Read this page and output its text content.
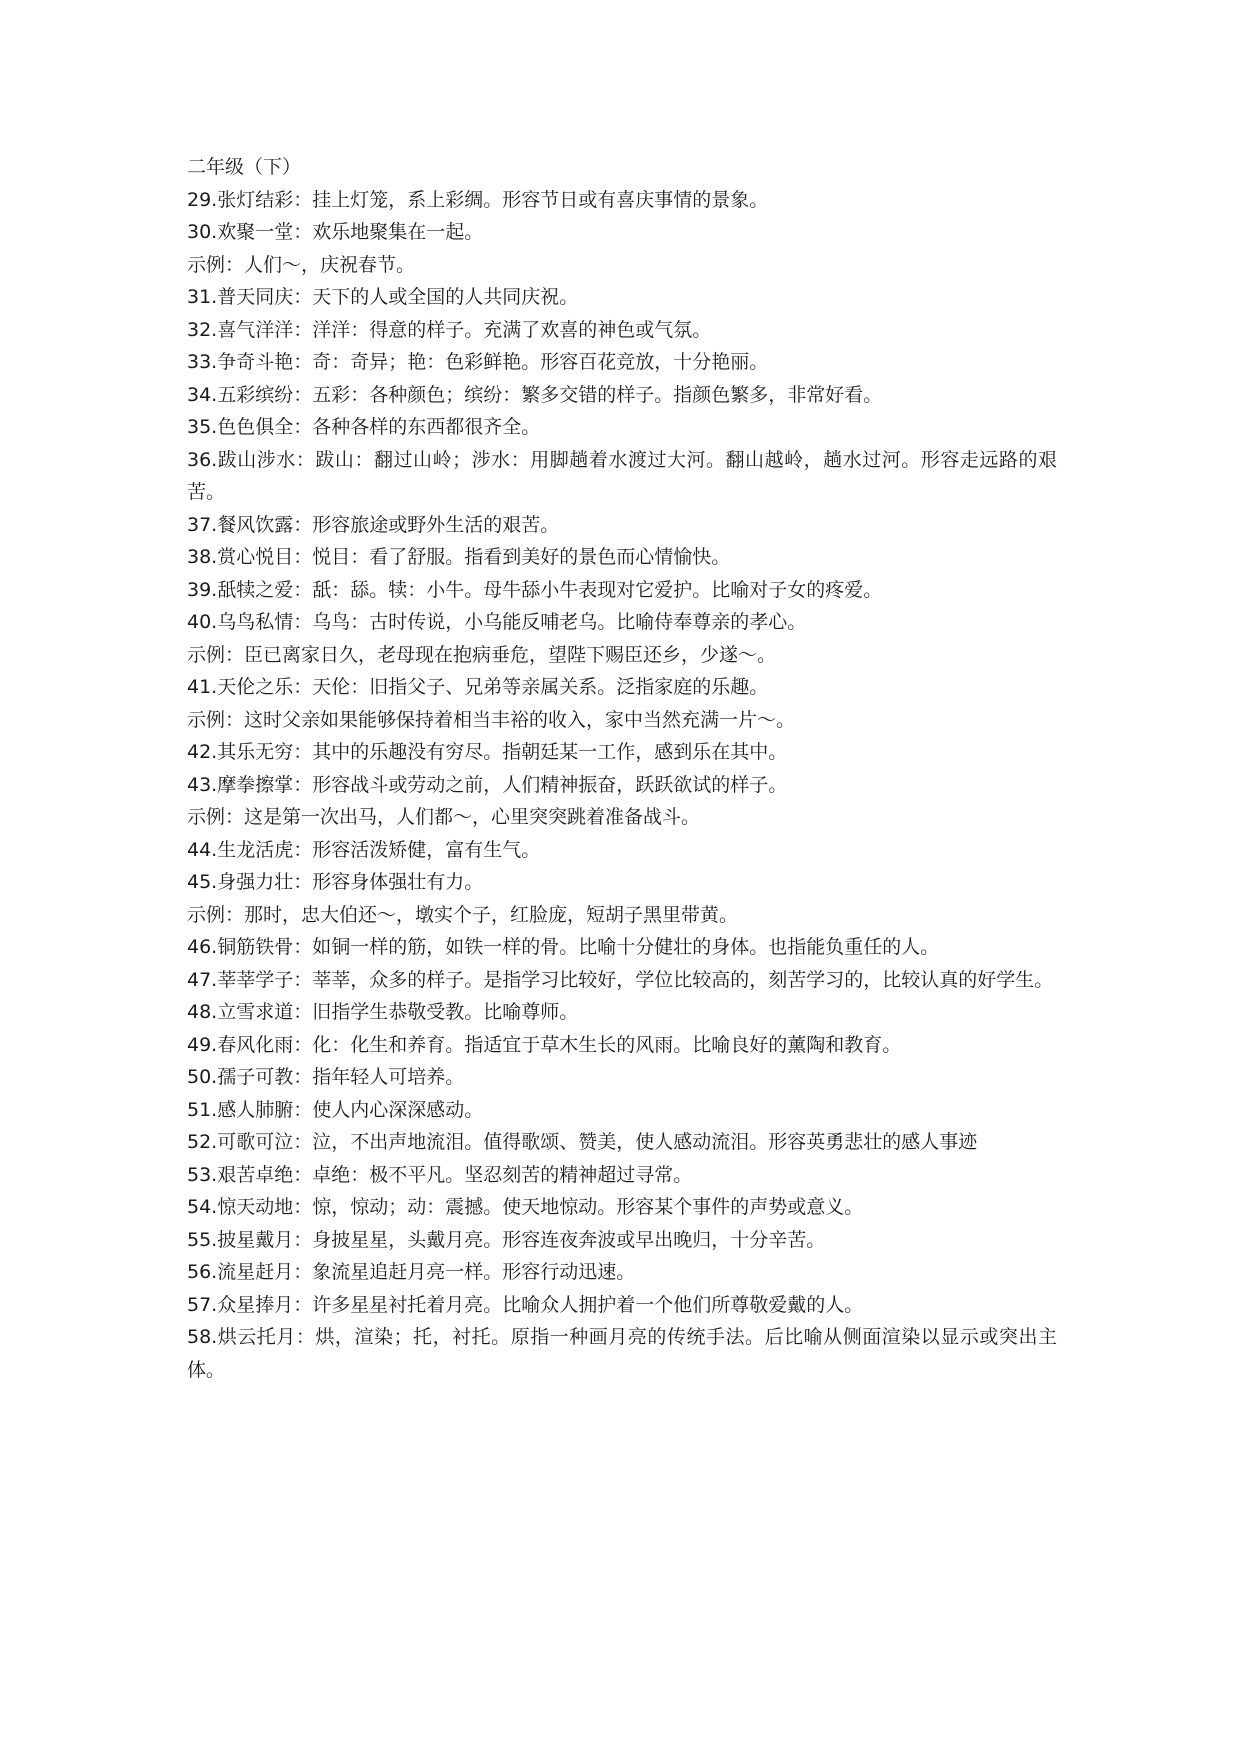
二年级（下）

29.张灯结彩：挂上灯笼，系上彩绸。形容节日或有喜庆事情的景象。

30.欢聚一堂：欢乐地聚集在一起。

示例：人们～，庆祝春节。

31.普天同庆：天下的人或全国的人共同庆祝。

32.喜气洋洋：洋洋：得意的样子。充满了欢喜的神色或气氛。

33.争奇斗艳：奇：奇异；艳：色彩鲜艳。形容百花竞放，十分艳丽。

34.五彩缤纷：五彩：各种颜色；缤纷：繁多交错的样子。指颜色繁多，非常好看。

35.色色俱全：各种各样的东西都很齐全。

36.跋山涉水：跋山：翻过山岭；涉水：用脚趟着水渡过大河。翻山越岭，趟水过河。形容走远路的艰苦。

37.餐风饮露：形容旅途或野外生活的艰苦。

38.赏心悦目：悦目：看了舒服。指看到美好的景色而心情愉快。

39.舐犊之爱：舐：舔。犊：小牛。母牛舔小牛表现对它爱护。比喻对子女的疼爱。

40.乌鸟私情：乌鸟：古时传说，小乌能反哺老乌。比喻侍奉尊亲的孝心。

示例：臣已离家日久，老母现在抱病垂危，望陛下赐臣还乡，少遂～。

41.天伦之乐：天伦：旧指父子、兄弟等亲属关系。泛指家庭的乐趣。

示例：这时父亲如果能够保持着相当丰裕的收入，家中当然充满一片～。

42.其乐无穷：其中的乐趣没有穷尽。指朝廷某一工作，感到乐在其中。

43.摩拳擦掌：形容战斗或劳动之前，人们精神振奋，跃跃欲试的样子。

示例：这是第一次出马，人们都～，心里突突跳着准备战斗。

44.生龙活虎：形容活泼矫健，富有生气。

45.身强力壮：形容身体强壮有力。

示例：那时，忠大伯还～，墩实个子，红脸庞，短胡子黑里带黄。

46.铜筋铁骨：如铜一样的筋，如铁一样的骨。比喻十分健壮的身体。也指能负重任的人。

47.莘莘学子：莘莘，众多的样子。是指学习比较好，学位比较高的，刻苦学习的，比较认真的好学生。

48.立雪求道：旧指学生恭敬受教。比喻尊师。

49.春风化雨：化：化生和养育。指适宜于草木生长的风雨。比喻良好的薰陶和教育。

50.孺子可教：指年轻人可培养。

51.感人肺腑：使人内心深深感动。

52.可歌可泣：泣，不出声地流泪。值得歌颂、赞美，使人感动流泪。形容英勇悲壮的感人事迹

53.艰苦卓绝：卓绝：极不平凡。坚忍刻苦的精神超过寻常。

54.惊天动地：惊，惊动；动：震撼。使天地惊动。形容某个事件的声势或意义。

55.披星戴月：身披星星，头戴月亮。形容连夜奔波或早出晚归，十分辛苦。

56.流星赶月：象流星追赶月亮一样。形容行动迅速。

57.众星捧月：许多星星衬托着月亮。比喻众人拥护着一个他们所尊敬爱戴的人。

58.烘云托月：烘，渲染；托，衬托。原指一种画月亮的传统手法。后比喻从侧面渲染以显示或突出主体。
